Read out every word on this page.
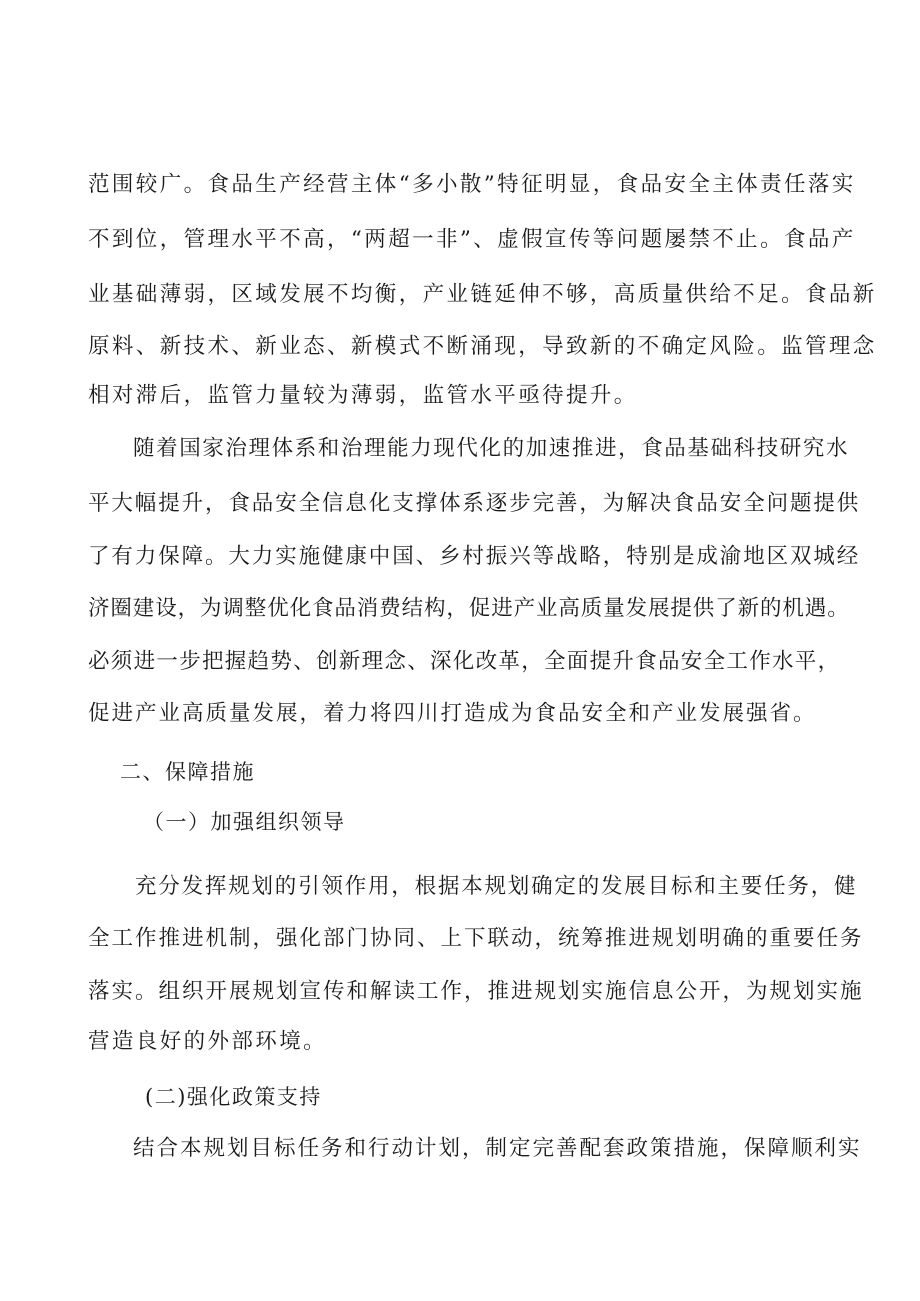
范围较广。食品生产经营主体“多小散”特征明显，食品安全主体责任落实
不到位，管理水平不高，“两超一非”、虚假宣传等问题屡禁不止。食品产
业基础薄弱，区域发展不均衡，产业链延伸不够，高质量供给不足。食品新
原料、新技术、新业态、新模式不断涌现，导致新的不确定风险。监管理念
相对滞后，监管力量较为薄弱，监管水平亟待提升。
随着国家治理体系和治理能力现代化的加速推进，食品基础科技研究水
平大幅提升，食品安全信息化支撑体系逐步完善，为解决食品安全问题提供
了有力保障。大力实施健康中国、乡村振兴等战略，特别是成渝地区双城经
济圈建设，为调整优化食品消费结构，促进产业高质量发展提供了新的机遇。
必须进一步把握趋势、创新理念、深化改革，全面提升食品安全工作水平，
促进产业高质量发展，着力将四川打造成为食品安全和产业发展强省。
二、保障措施
（一）加强组织领导
充分发挥规划的引领作用，根据本规划确定的发展目标和主要任务，健
全工作推进机制，强化部门协同、上下联动，统筹推进规划明确的重要任务
落实。组织开展规划宣传和解读工作，推进规划实施信息公开，为规划实施
营造良好的外部环境。
(二)强化政策支持
结合本规划目标任务和行动计划，制定完善配套政策措施，保障顺利实
